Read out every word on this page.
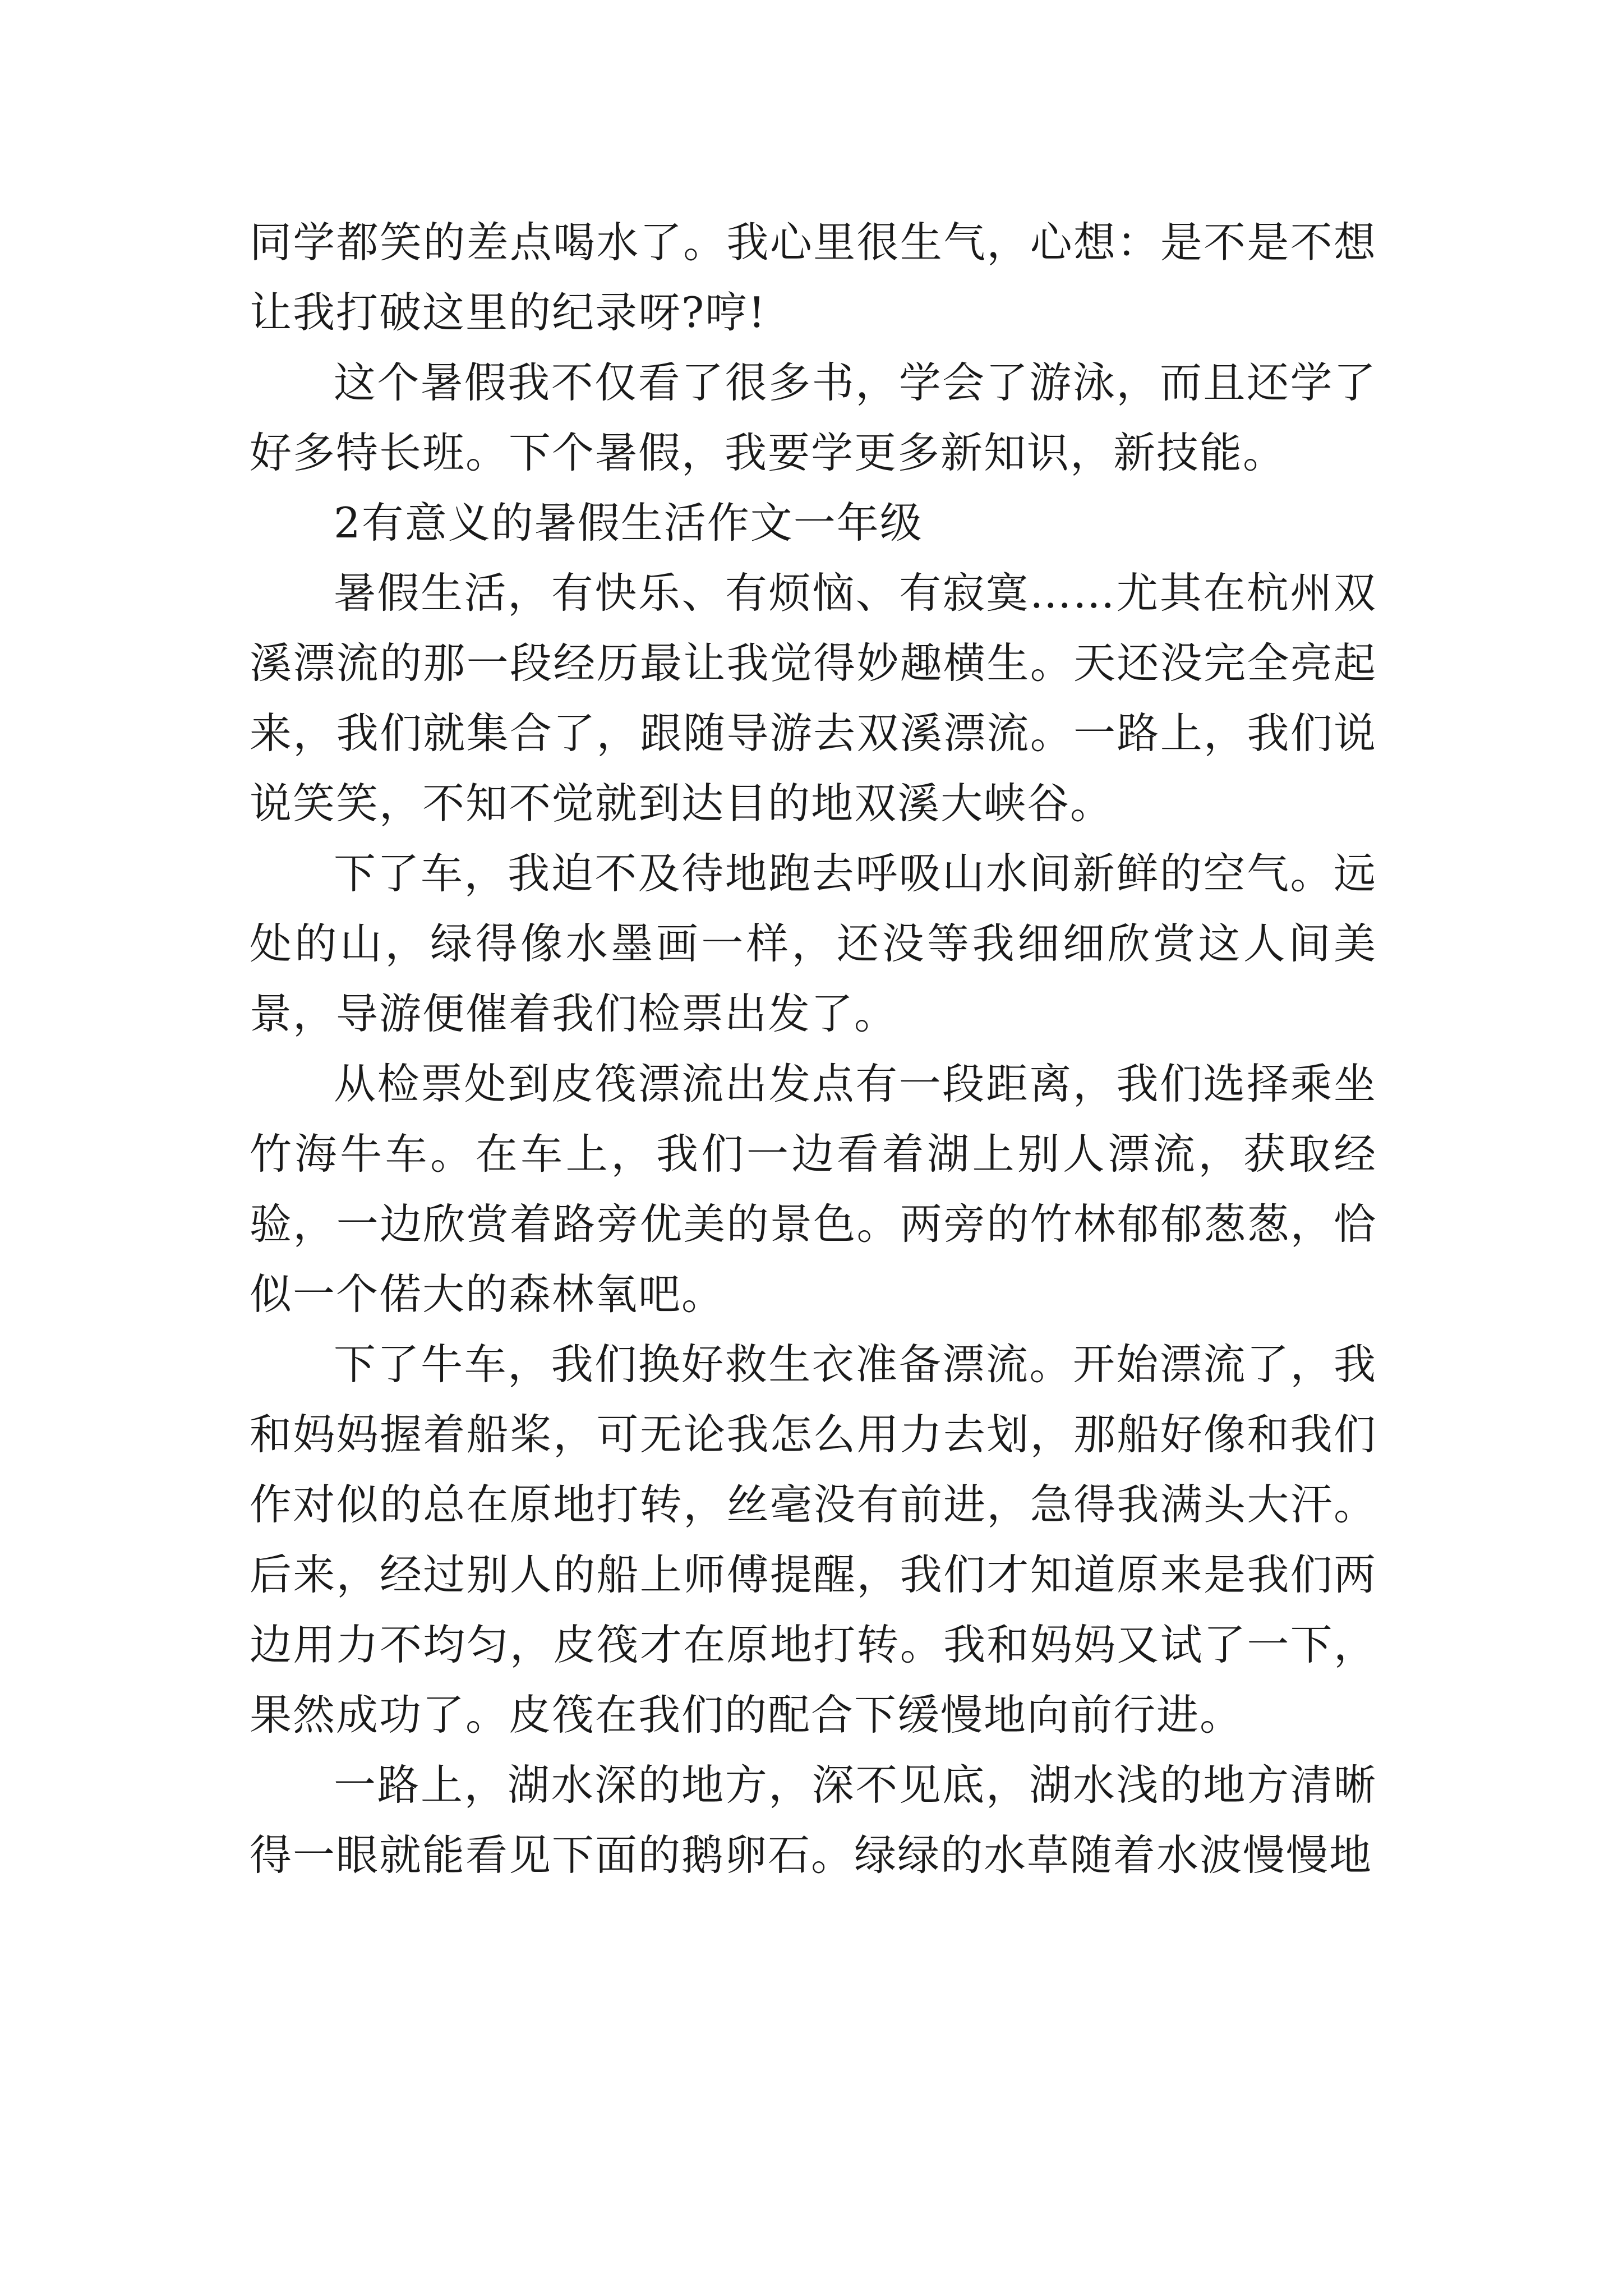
同学都笑的差点喝水了。我心里很生气，心想：是不是不想让我打破这里的纪录呀?哼!

这个暑假我不仅看了很多书，学会了游泳，而且还学了好多特长班。下个暑假，我要学更多新知识，新技能。

2有意义的暑假生活作文一年级

暑假生活，有快乐、有烦恼、有寂寞……尤其在杭州双溪漂流的那一段经历最让我觉得妙趣横生。天还没完全亮起来，我们就集合了，跟随导游去双溪漂流。一路上，我们说说笑笑，不知不觉就到达目的地双溪大峡谷。

下了车，我迫不及待地跑去呼吸山水间新鲜的空气。远处的山，绿得像水墨画一样，还没等我细细欣赏这人间美景，导游便催着我们检票出发了。

从检票处到皮筏漂流出发点有一段距离，我们选择乘坐竹海牛车。在车上，我们一边看着湖上别人漂流，获取经验，一边欣赏着路旁优美的景色。两旁的竹林郁郁葱葱，恰似一个偌大的森林氧吧。

下了牛车，我们换好救生衣准备漂流。开始漂流了，我和妈妈握着船桨，可无论我怎么用力去划，那船好像和我们作对似的总在原地打转，丝毫没有前进，急得我满头大汗。后来，经过别人的船上师傅提醒，我们才知道原来是我们两边用力不均匀，皮筏才在原地打转。我和妈妈又试了一下，果然成功了。皮筏在我们的配合下缓慢地向前行进。

一路上，湖水深的地方，深不见底，湖水浅的地方清晰得一眼就能看见下面的鹅卵石。绿绿的水草随着水波慢慢地
